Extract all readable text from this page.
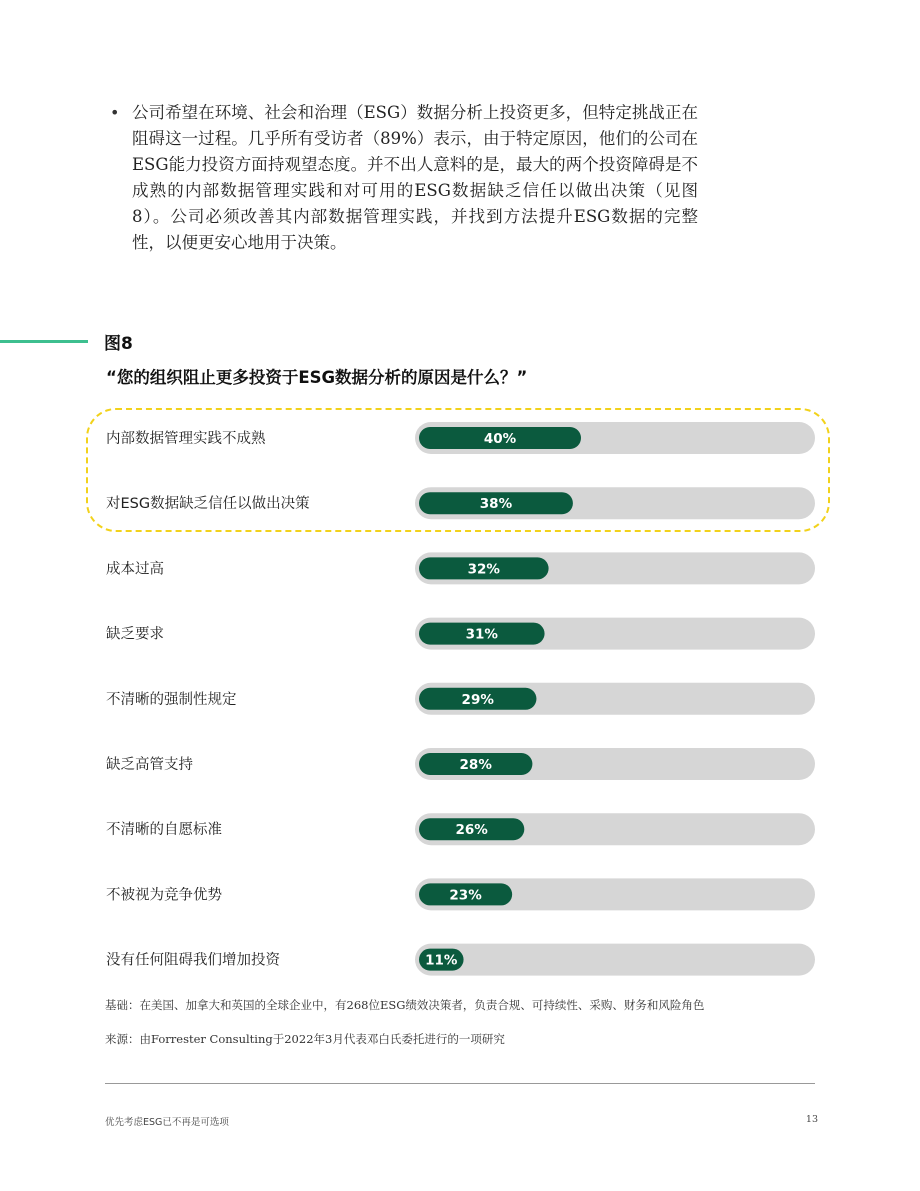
• 公司希望在环境、社会和治理（ESG）数据分析上投资更多，但特定挑战正在阻碍这一过程。几乎所有受访者（89%）表示，由于特定原因，他们的公司在ESG能力投资方面持观望态度。并不出人意料的是，最大的两个投资障碍是不成熟的内部数据管理实践和对可用的ESG数据缺乏信任以做出决策（见图8）。公司必须改善其内部数据管理实践，并找到方法提升ESG数据的完整性，以便更安心地用于决策。
图8
“您的组织阻止更多投资于ESG数据分析的原因是什么？”
内部数据管理实践不成熟	40%
对ESG数据缺乏信任以做出决策	38%
成本过高	32%
缺乏要求	31%
不清晰的强制性规定	29%
缺乏高管支持	28%
不清晰的自愿标准	26%
不被视为竞争优势	23%
没有任何阻碍我们增加投资	11%
基础：在美国、加拿大和英国的全球企业中，有268位ESG绩效决策者，负责合规、可持续性、采购、财务和风险角色
来源：由Forrester Consulting于2022年3月代表邓白氏委托进行的一项研究
优先考虑ESG已不再是可选项	13
